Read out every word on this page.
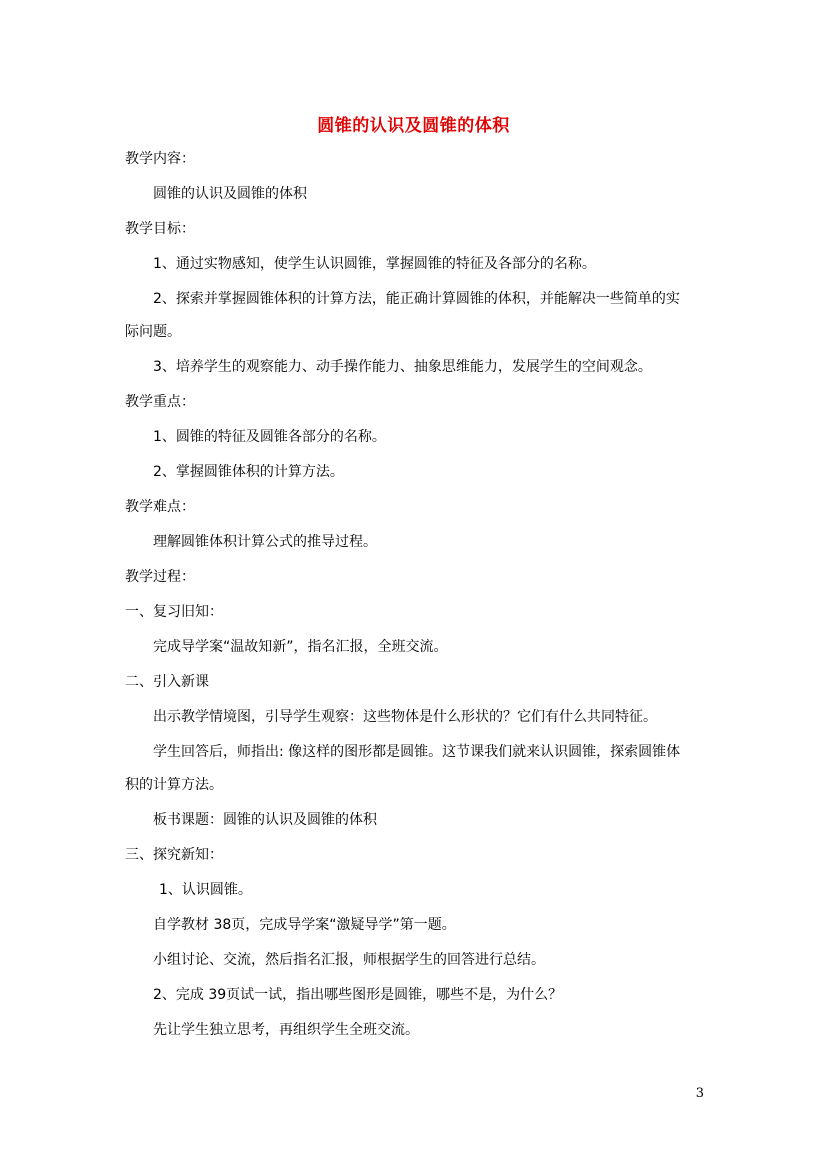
圆锥的认识及圆锥的体积
教学内容：
圆锥的认识及圆锥的体积
教学目标：
1、通过实物感知，使学生认识圆锥，掌握圆锥的特征及各部分的名称。
2、探索并掌握圆锥体积的计算方法，能正确计算圆锥的体积，并能解决一些简单的实
际问题。
3、培养学生的观察能力、动手操作能力、抽象思维能力，发展学生的空间观念。
教学重点：
1、圆锥的特征及圆锥各部分的名称。
2、掌握圆锥体积的计算方法。
教学难点：
理解圆锥体积计算公式的推导过程。
教学过程：
一、复习旧知：
完成导学案“温故知新”，指名汇报，全班交流。
二、引入新课
出示教学情境图，引导学生观察：这些物体是什么形状的？它们有什么共同特征。
学生回答后，师指出: 像这样的图形都是圆锥。这节课我们就来认识圆锥，探索圆锥体
积的计算方法。
板书课题：圆锥的认识及圆锥的体积
三、探究新知：
1、认识圆锥。
自学教材 38页，完成导学案“激疑导学”第一题。
小组讨论、交流，然后指名汇报，师根据学生的回答进行总结。
2、完成 39页试一试，指出哪些图形是圆锥，哪些不是，为什么？
先让学生独立思考，再组织学生全班交流。
3
